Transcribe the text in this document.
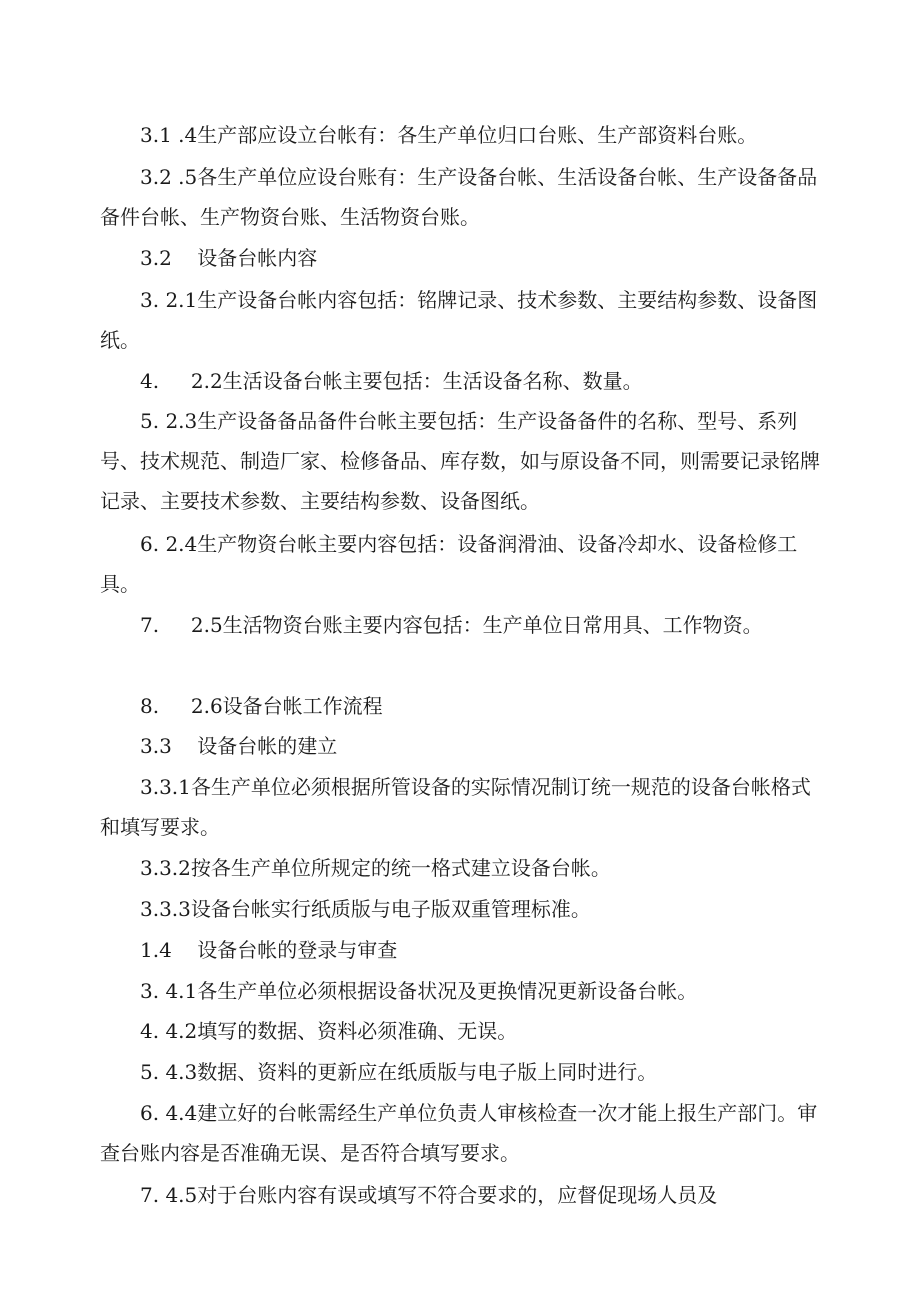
3.1 .4生产部应设立台帐有：各生产单位归口台账、生产部资料台账。

3.2 .5各生产单位应设台账有：生产设备台帐、生活设备台帐、生产设备备品备件台帐、生产物资台账、生活物资台账。

3.2    设备台帐内容

3. 2.1生产设备台帐内容包括：铭牌记录、技术参数、主要结构参数、设备图纸。

4.     2.2生活设备台帐主要包括：生活设备名称、数量。

5. 2.3生产设备备品备件台帐主要包括：生产设备备件的名称、型号、系列号、技术规范、制造厂家、检修备品、库存数，如与原设备不同，则需要记录铭牌记录、主要技术参数、主要结构参数、设备图纸。

6. 2.4生产物资台帐主要内容包括：设备润滑油、设备冷却水、设备检修工具。

7.     2.5生活物资台账主要内容包括：生产单位日常用具、工作物资。

8.     2.6设备台帐工作流程

3.3    设备台帐的建立

3.3.1各生产单位必须根据所管设备的实际情况制订统一规范的设备台帐格式和填写要求。

3.3.2按各生产单位所规定的统一格式建立设备台帐。

3.3.3设备台帐实行纸质版与电子版双重管理标准。

1.4    设备台帐的登录与审查

3. 4.1各生产单位必须根据设备状况及更换情况更新设备台帐。

4. 4.2填写的数据、资料必须准确、无误。

5. 4.3数据、资料的更新应在纸质版与电子版上同时进行。

6. 4.4建立好的台帐需经生产单位负责人审核检查一次才能上报生产部门。审查台账内容是否准确无误、是否符合填写要求。

7. 4.5对于台账内容有误或填写不符合要求的，应督促现场人员及
